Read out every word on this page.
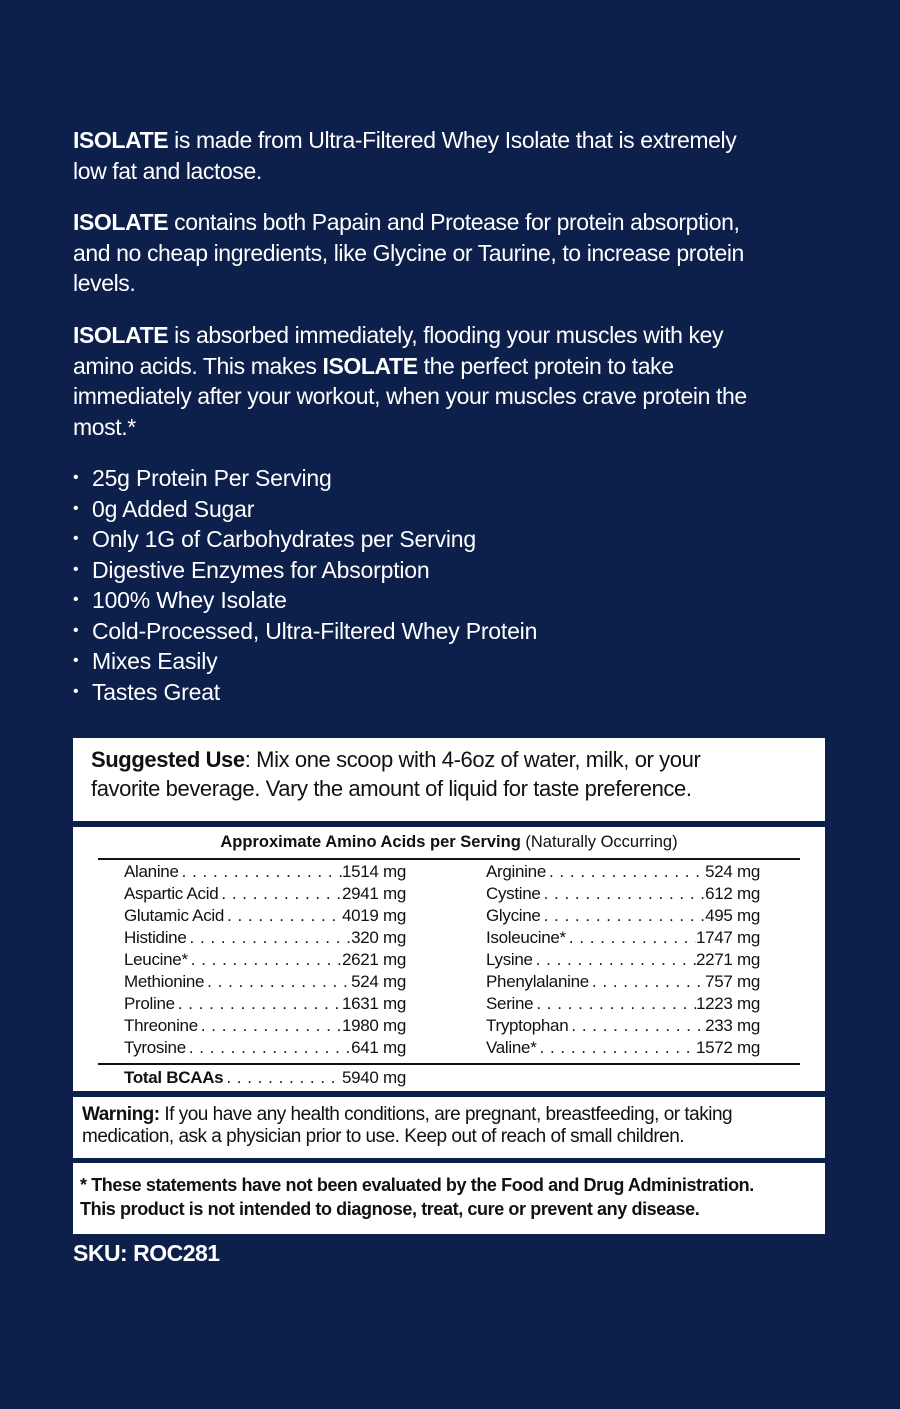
ISOLATE is made from Ultra-Filtered Whey Isolate that is extremely
low fat and lactose.
ISOLATE contains both Papain and Protease for protein absorption,
and no cheap ingredients, like Glycine or Taurine, to increase protein
levels.
ISOLATE is absorbed immediately, flooding your muscles with key
amino acids. This makes ISOLATE the perfect protein to take
immediately after your workout, when your muscles crave protein the
most.*
• 25g Protein Per Serving
• 0g Added Sugar
• Only 1G of Carbohydrates per Serving
• Digestive Enzymes for Absorption
• 100% Whey Isolate
• Cold-Processed, Ultra-Filtered Whey Protein
• Mixes Easily
• Tastes Great
Suggested Use: Mix one scoop with 4-6oz of water, milk, or your
favorite beverage. Vary the amount of liquid for taste preference.
Approximate Amino Acids per Serving (Naturally Occurring)
Alanine . . .	1514 mg
Aspartic Acid . . .	2941 mg
Glutamic Acid . . .	4019 mg
Histidine . . .	320 mg
Leucine* . . .	2621 mg
Methionine . . .	524 mg
Proline . . .	1631 mg
Threonine . . .	1980 mg
Tyrosine . . .	641 mg
Arginine . . .	524 mg
Cystine . . .	612 mg
Glycine . . .	495 mg
Isoleucine* . . .	1747 mg
Lysine . . .	2271 mg
Phenylalanine . . .	757 mg
Serine . . .	1223 mg
Tryptophan . . .	233 mg
Valine* . . .	1572 mg
Total BCAAs . . .	5940 mg
Warning: If you have any health conditions, are pregnant, breastfeeding, or taking
medication, ask a physician prior to use. Keep out of reach of small children.
* These statements have not been evaluated by the Food and Drug Administration.
This product is not intended to diagnose, treat, cure or prevent any disease.
SKU: ROC281
